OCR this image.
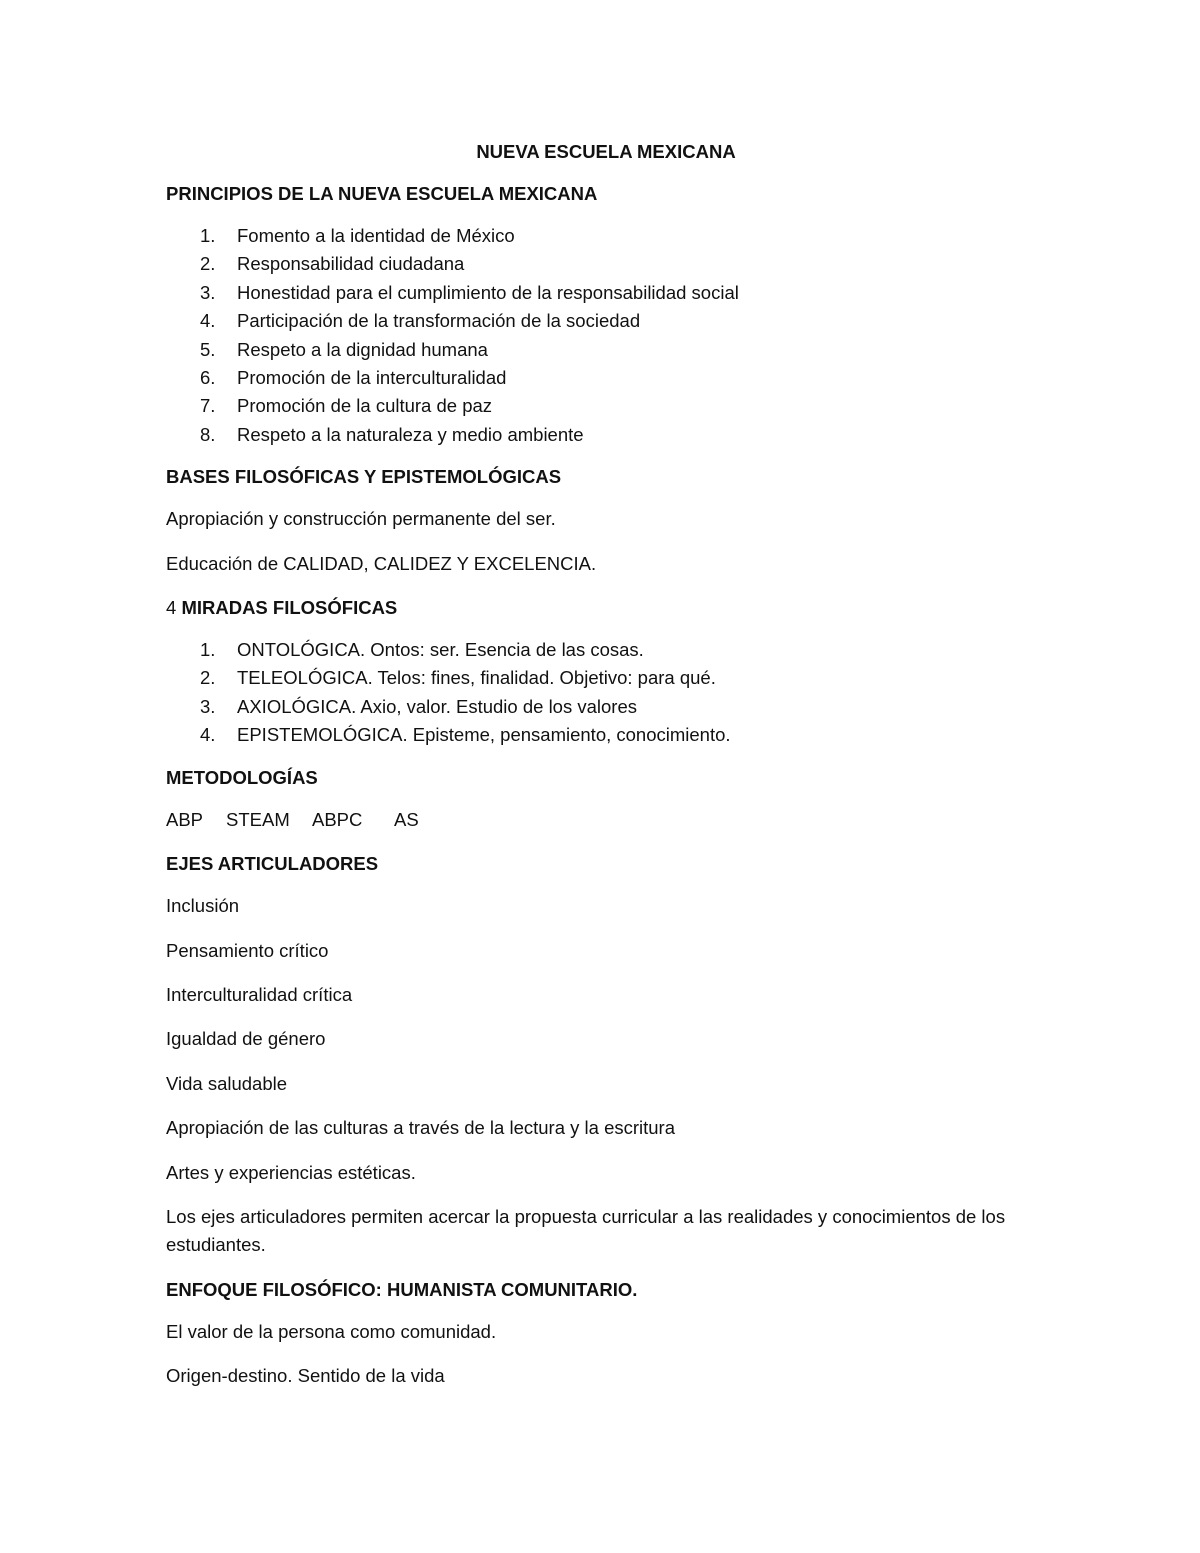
NUEVA ESCUELA MEXICANA
PRINCIPIOS DE LA NUEVA ESCUELA MEXICANA
1. Fomento a la identidad de México
2. Responsabilidad ciudadana
3. Honestidad para el cumplimiento de la responsabilidad social
4. Participación de la transformación de la sociedad
5. Respeto a la dignidad humana
6. Promoción de la interculturalidad
7. Promoción de la cultura de paz
8. Respeto a la naturaleza y medio ambiente
BASES FILOSÓFICAS Y EPISTEMOLÓGICAS

Apropiación y construcción permanente del ser.

Educación de CALIDAD, CALIDEZ Y EXCELENCIA.

4 MIRADAS FILOSÓFICAS
1. ONTOLÓGICA. Ontos: ser. Esencia de las cosas.
2. TELEOLÓGICA. Telos: fines, finalidad. Objetivo: para qué.
3. AXIOLÓGICA. Axio, valor. Estudio de los valores
4. EPISTEMOLÓGICA. Episteme, pensamiento, conocimiento.
METODOLOGÍAS
ABP STEAM ABPC AS
EJES ARTICULADORES

Inclusión

Pensamiento crítico

Interculturalidad crítica

Igualdad de género

Vida saludable

Apropiación de las culturas a través de la lectura y la escritura

Artes y experiencias estéticas.

Los ejes articuladores permiten acercar la propuesta curricular a las realidades y conocimientos de los estudiantes.

ENFOQUE FILOSÓFICO: HUMANISTA COMUNITARIO.

El valor de la persona como comunidad.

Origen-destino. Sentido de la vida
